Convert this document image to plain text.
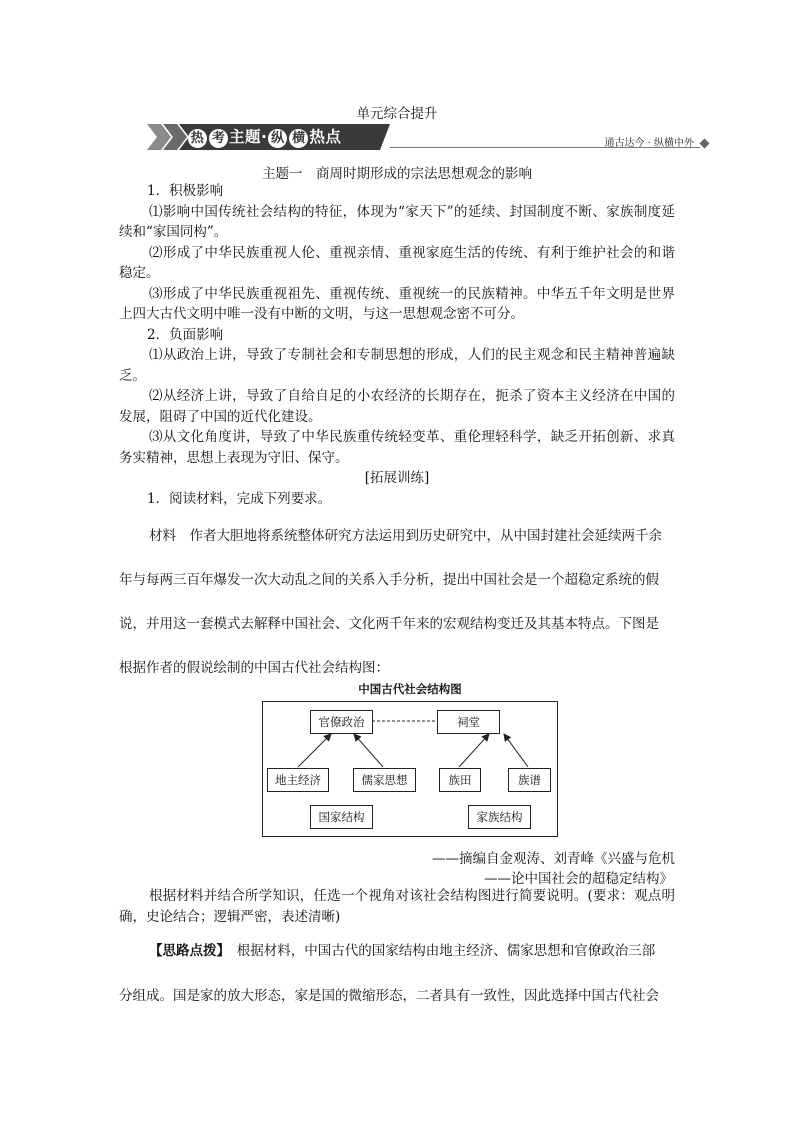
单元综合提升
热 考 主题· 纵 横 热点	通古达今 · 纵横中外
主题一　商周时期形成的宗法思想观念的影响

1．积极影响

⑴影响中国传统社会结构的特征，体现为“家天下”的延续、封国制度不断、家族制度延续和“家国同构”。

⑵形成了中华民族重视人伦、重视亲情、重视家庭生活的传统、有利于维护社会的和谐稳定。

⑶形成了中华民族重视祖先、重视传统、重视统一的民族精神。中华五千年文明是世界上四大古代文明中唯一没有中断的文明，与这一思想观念密不可分。

2．负面影响

⑴从政治上讲，导致了专制社会和专制思想的形成，人们的民主观念和民主精神普遍缺乏。

⑵从经济上讲，导致了自给自足的小农经济的长期存在，扼杀了资本主义经济在中国的发展，阻碍了中国的近代化建设。

⑶从文化角度讲，导致了中华民族重传统轻变革、重伦理轻科学，缺乏开拓创新、求真务实精神，思想上表现为守旧、保守。

[拓展训练]

1．阅读材料，完成下列要求。

材料　作者大胆地将系统整体研究方法运用到历史研究中，从中国封建社会延续两千余

年与每两三百年爆发一次大动乱之间的关系入手分析，提出中国社会是一个超稳定系统的假

说，并用这一套模式去解释中国社会、文化两千年来的宏观结构变迁及其基本特点。下图是

根据作者的假说绘制的中国古代社会结构图：

中国古代社会结构图
官僚政治	祠堂
地主经济	儒家思想	族田	族谱
国家结构	家族结构
——摘编自金观涛、刘青峰《兴盛与危机
——论中国社会的超稳定结构》

根据材料并结合所学知识，任选一个视角对该社会结构图进行简要说明。(要求：观点明确，史论结合；逻辑严密，表述清晰)

【思路点拨】　根据材料，中国古代的国家结构由地主经济、儒家思想和官僚政治三部

分组成。国是家的放大形态，家是国的微缩形态，二者具有一致性，因此选择中国古代社会
